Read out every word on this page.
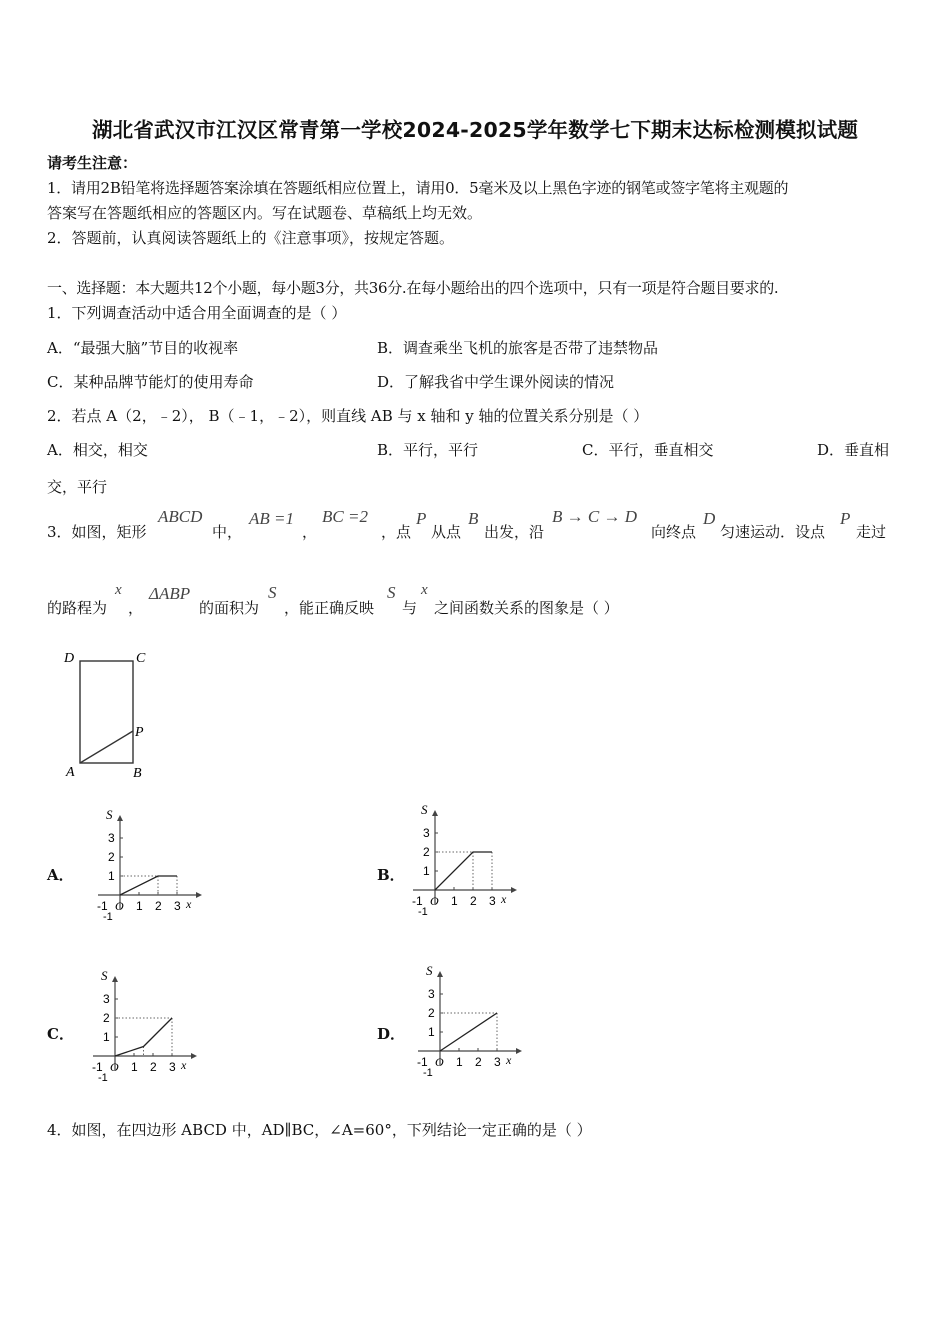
湖北省武汉市江汉区常青第一学校2024-2025学年数学七下期末达标检测模拟试题
请考生注意：
1．请用2B铅笔将选择题答案涂填在答题纸相应位置上，请用0．5毫米及以上黑色字迹的钢笔或签字笔将主观题的
答案写在答题纸相应的答题区内。写在试题卷、草稿纸上均无效。
2．答题前，认真阅读答题纸上的《注意事项》，按规定答题。
一、选择题：本大题共12个小题，每小题3分，共36分.在每小题给出的四个选项中，只有一项是符合题目要求的.
1．下列调查活动中适合用全面调查的是（ ）
A．“最强大脑”节目的收视率	B．调查乘坐飞机的旅客是否带了违禁物品
C．某种品牌节能灯的使用寿命	D．了解我省中学生课外阅读的情况
2．若点 A（2，﹣2）， B（﹣1，﹣2），则直线 AB 与 x 轴和 y 轴的位置关系分别是（ ）
A．相交，相交	B．平行，平行	C．平行，垂直相交	D．垂直相
交，平行
3．如图，矩形
ABCD
中，
AB =1
，
BC =2
，点
P
从点
B
出发，沿
B → C → D
向终点
D
匀速运动．设点
P
走过
的路程为
x
，
ΔABP
的面积为
S
，能正确反映
S
与
x
之间函数关系的图象是（ ）
D	C
P
A	B
A．	B．
C．	D．
S
1
2
3
1 2 3 x
-1 O
-1
S
1
2
3
1 2 3 x
-1 O
-1
S
1
2
3
1 2 3 x
-1 O
-1
S
1
2
3
1 2 3 x
-1 O
-1
4．如图，在四边形 ABCD 中，AD∥BC，∠A=60°，下列结论一定正确的是（ ）
